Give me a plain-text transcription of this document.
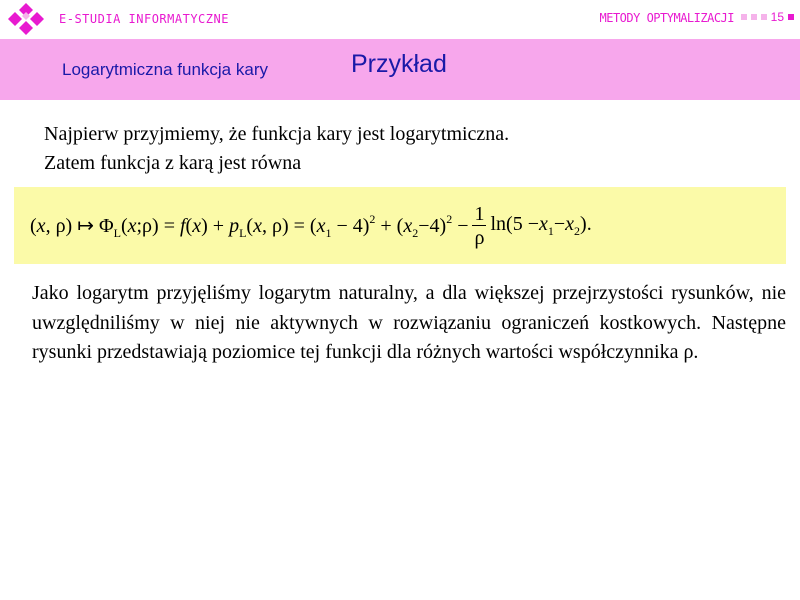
E-STUDIA INFORMATYCZNE	METODY OPTYMALIZACJI	15
Logarytmiczna funkcja kary	Przykład
Najpierw przyjmiemy, że funkcja kary jest logarytmiczna.
Zatem funkcja z karą jest równa
(x, ρ) ↦ $\Phi_L(x;\rho) = f(x) + p_L(x$, $\rho) = (x_1 - 4)^2 + (x_2-4)^2 - \frac{1}{\rho} \ln(5 -x_1-x_2)$.
Jako logarytm przyjęliśmy logarytm naturalny, a dla większej przejrzystości rysunków, nie uwzględniliśmy w niej nie aktywnych w rozwiązaniu ograniczeń kostkowych. Następne rysunki przedstawiają poziomice tej funkcji dla różnych wartości współczynnika ρ.
